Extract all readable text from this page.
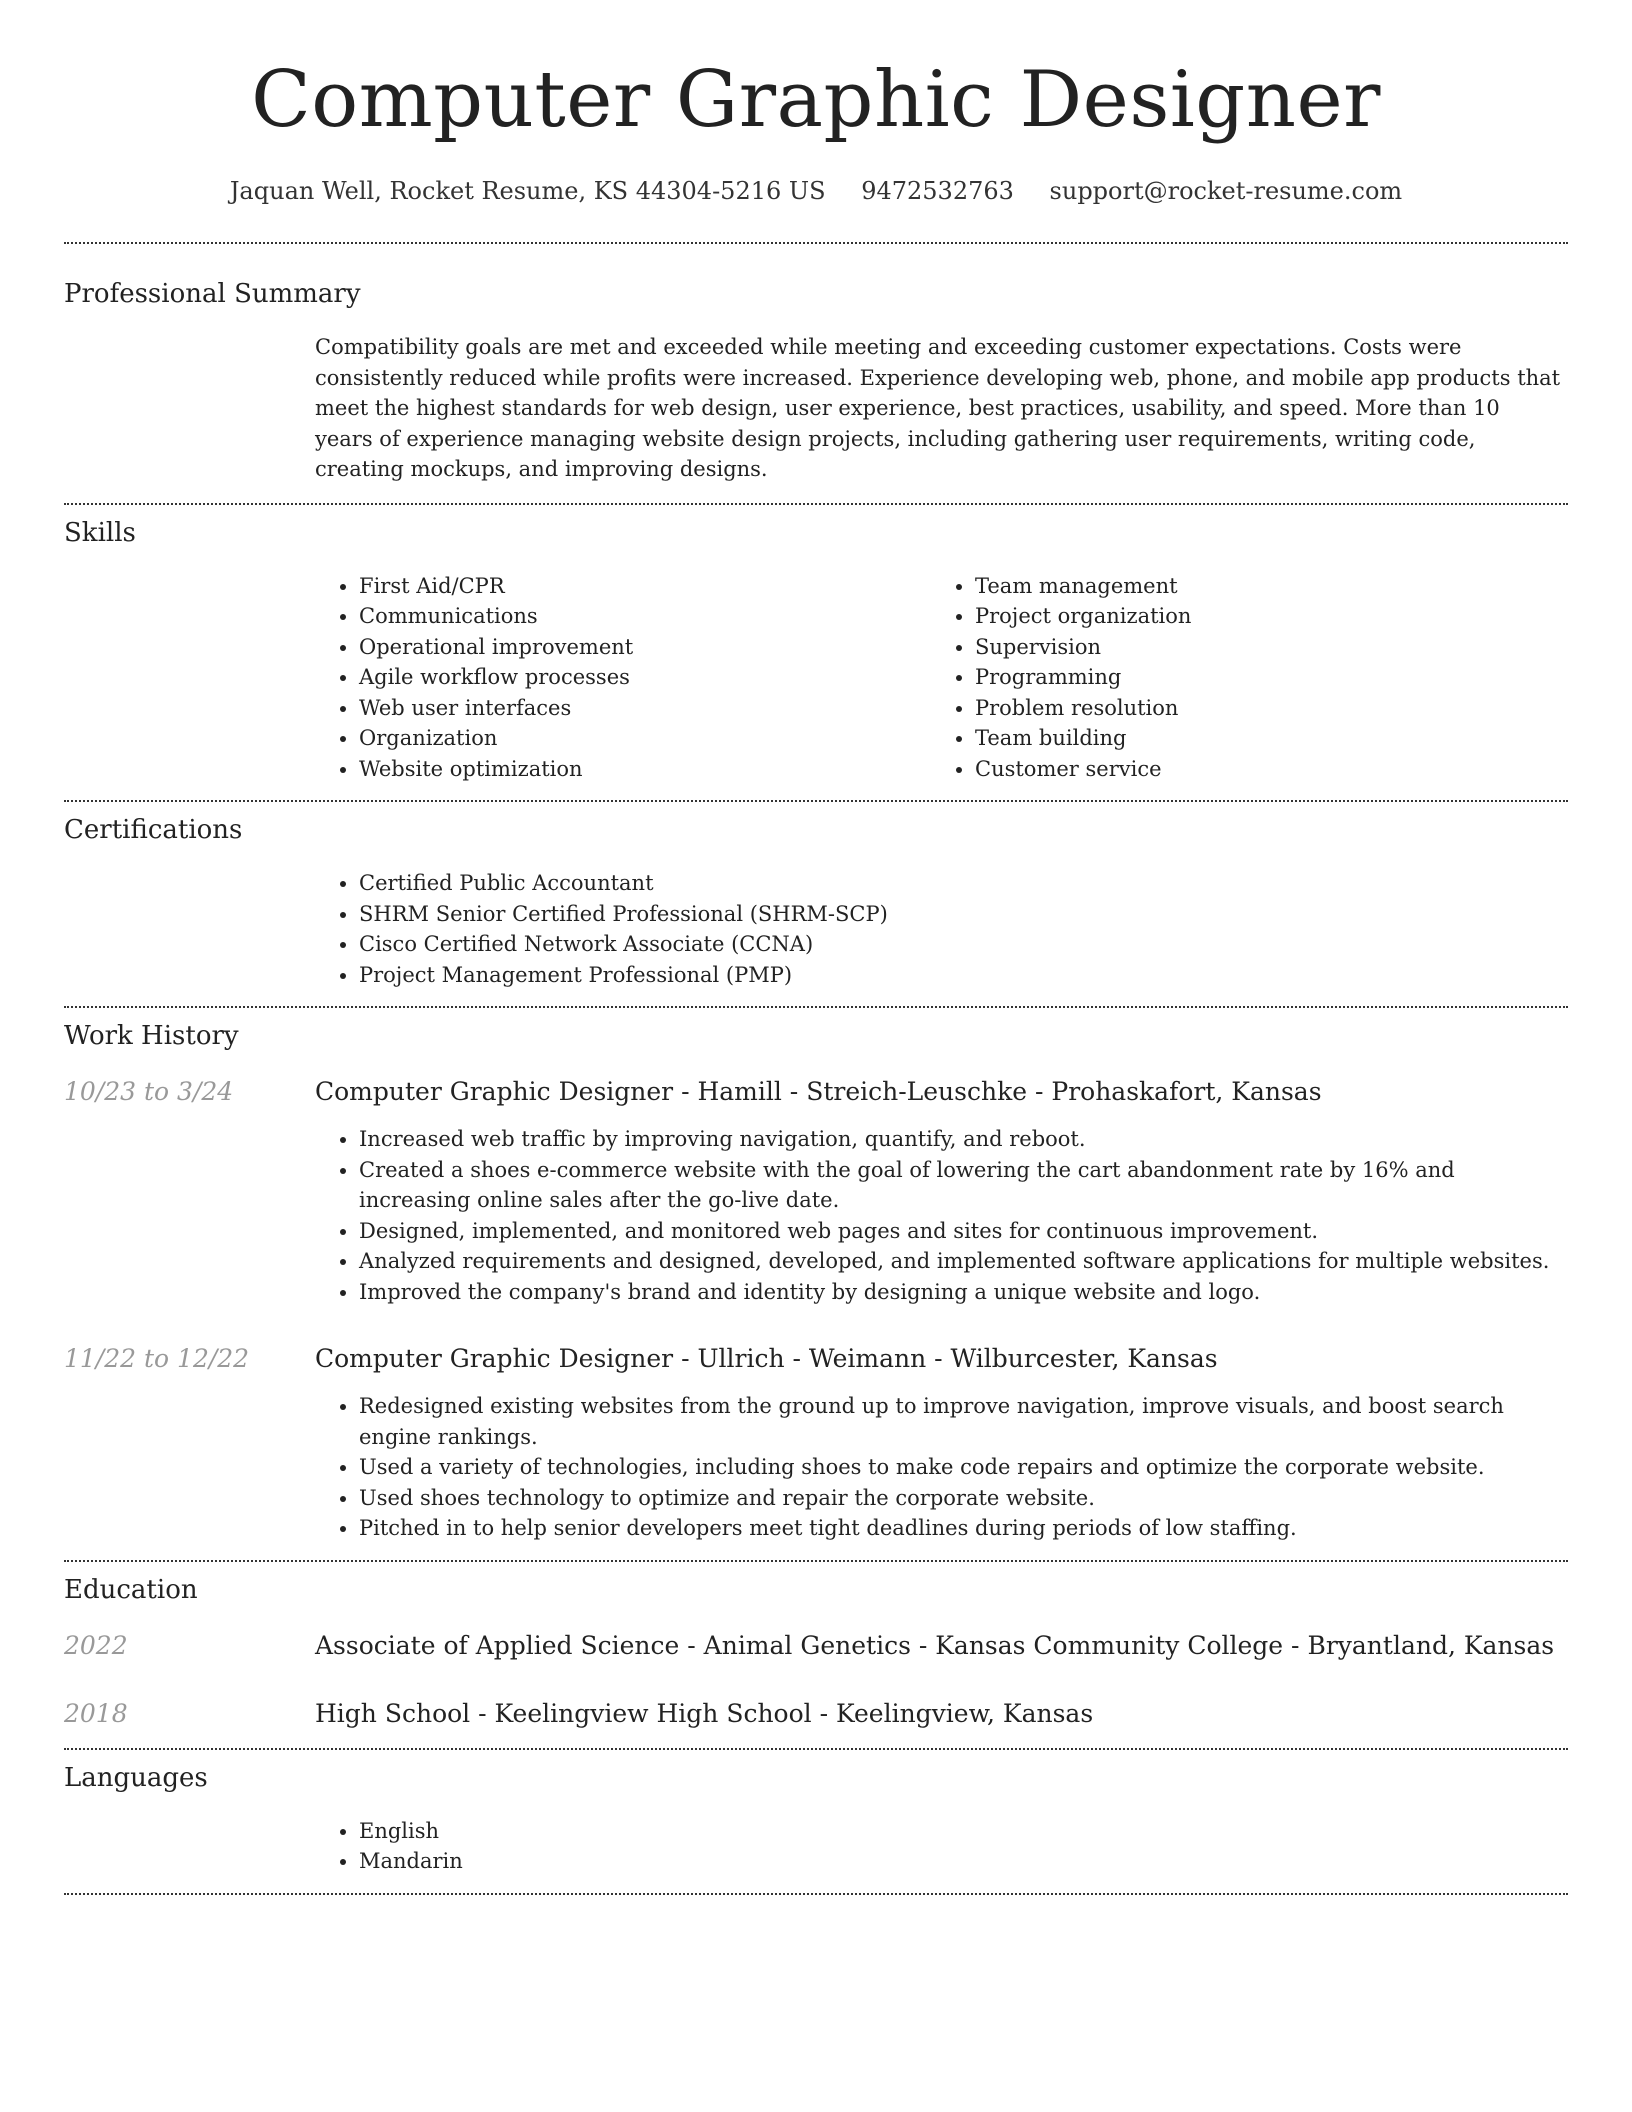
Computer Graphic Designer
Jaquan Well, Rocket Resume, KS 44304-5216 US 9472532763 support@rocket-resume.com
Professional Summary

Compatibility goals are met and exceeded while meeting and exceeding customer expectations. Costs were consistently reduced while profits were increased. Experience developing web, phone, and mobile app products that meet the highest standards for web design, user experience, best practices, usability, and speed. More than 10 years of experience managing website design projects, including gathering user requirements, writing code, creating mockups, and improving designs.

Skills
• First Aid/CPR
• Communications
• Operational improvement
• Agile workflow processes
• Web user interfaces
• Organization
• Website optimization
• Team management
• Project organization
• Supervision
• Programming
• Problem resolution
• Team building
• Customer service
Certifications
• Certified Public Accountant
• SHRM Senior Certified Professional (SHRM-SCP)
• Cisco Certified Network Associate (CCNA)
• Project Management Professional (PMP)
Work History
10/23 to 3/24	Computer Graphic Designer - Hamill - Streich-Leuschke - Prohaskafort, Kansas
• Increased web traffic by improving navigation, quantify, and reboot.
• Created a shoes e-commerce website with the goal of lowering the cart abandonment rate by 16% and increasing online sales after the go-live date.
• Designed, implemented, and monitored web pages and sites for continuous improvement.
• Analyzed requirements and designed, developed, and implemented software applications for multiple websites.
• Improved the company's brand and identity by designing a unique website and logo.
11/22 to 12/22	Computer Graphic Designer - Ullrich - Weimann - Wilburcester, Kansas
• Redesigned existing websites from the ground up to improve navigation, improve visuals, and boost search engine rankings.
• Used a variety of technologies, including shoes to make code repairs and optimize the corporate website.
• Used shoes technology to optimize and repair the corporate website.
• Pitched in to help senior developers meet tight deadlines during periods of low staffing.
Education
2022	Associate of Applied Science - Animal Genetics - Kansas Community College - Bryantland, Kansas
2018	High School - Keelingview High School - Keelingview, Kansas
Languages
• English
• Mandarin
